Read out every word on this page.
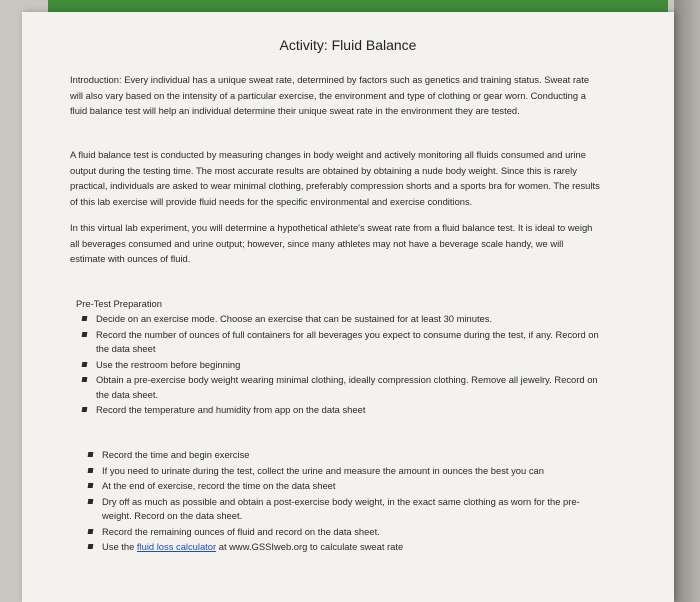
Activity: Fluid Balance
Introduction: Every individual has a unique sweat rate, determined by factors such as genetics and training status. Sweat rate will also vary based on the intensity of a particular exercise, the environment and type of clothing or gear worn. Conducting a fluid balance test will help an individual determine their unique sweat rate in the environment they are tested.
A fluid balance test is conducted by measuring changes in body weight and actively monitoring all fluids consumed and urine output during the testing time. The most accurate results are obtained by obtaining a nude body weight. Since this is rarely practical, individuals are asked to wear minimal clothing, preferably compression shorts and a sports bra for women. The results of this lab exercise will provide fluid needs for the specific environmental and exercise conditions.
In this virtual lab experiment, you will determine a hypothetical athlete's sweat rate from a fluid balance test. It is ideal to weigh all beverages consumed and urine output; however, since many athletes may not have a beverage scale handy, we will estimate with ounces of fluid.
Pre-Test Preparation
Decide on an exercise mode. Choose an exercise that can be sustained for at least 30 minutes.
Record the number of ounces of full containers for all beverages you expect to consume during the test, if any. Record on the data sheet
Use the restroom before beginning
Obtain a pre-exercise body weight wearing minimal clothing, ideally compression clothing. Remove all jewelry. Record on the data sheet.
Record the temperature and humidity from app on the data sheet
Record the time and begin exercise
If you need to urinate during the test, collect the urine and measure the amount in ounces the best you can
At the end of exercise, record the time on the data sheet
Dry off as much as possible and obtain a post-exercise body weight, in the exact same clothing as worn for the pre-weight. Record on the data sheet.
Record the remaining ounces of fluid and record on the data sheet.
Use the fluid loss calculator at www.GSSIweb.org to calculate sweat rate
